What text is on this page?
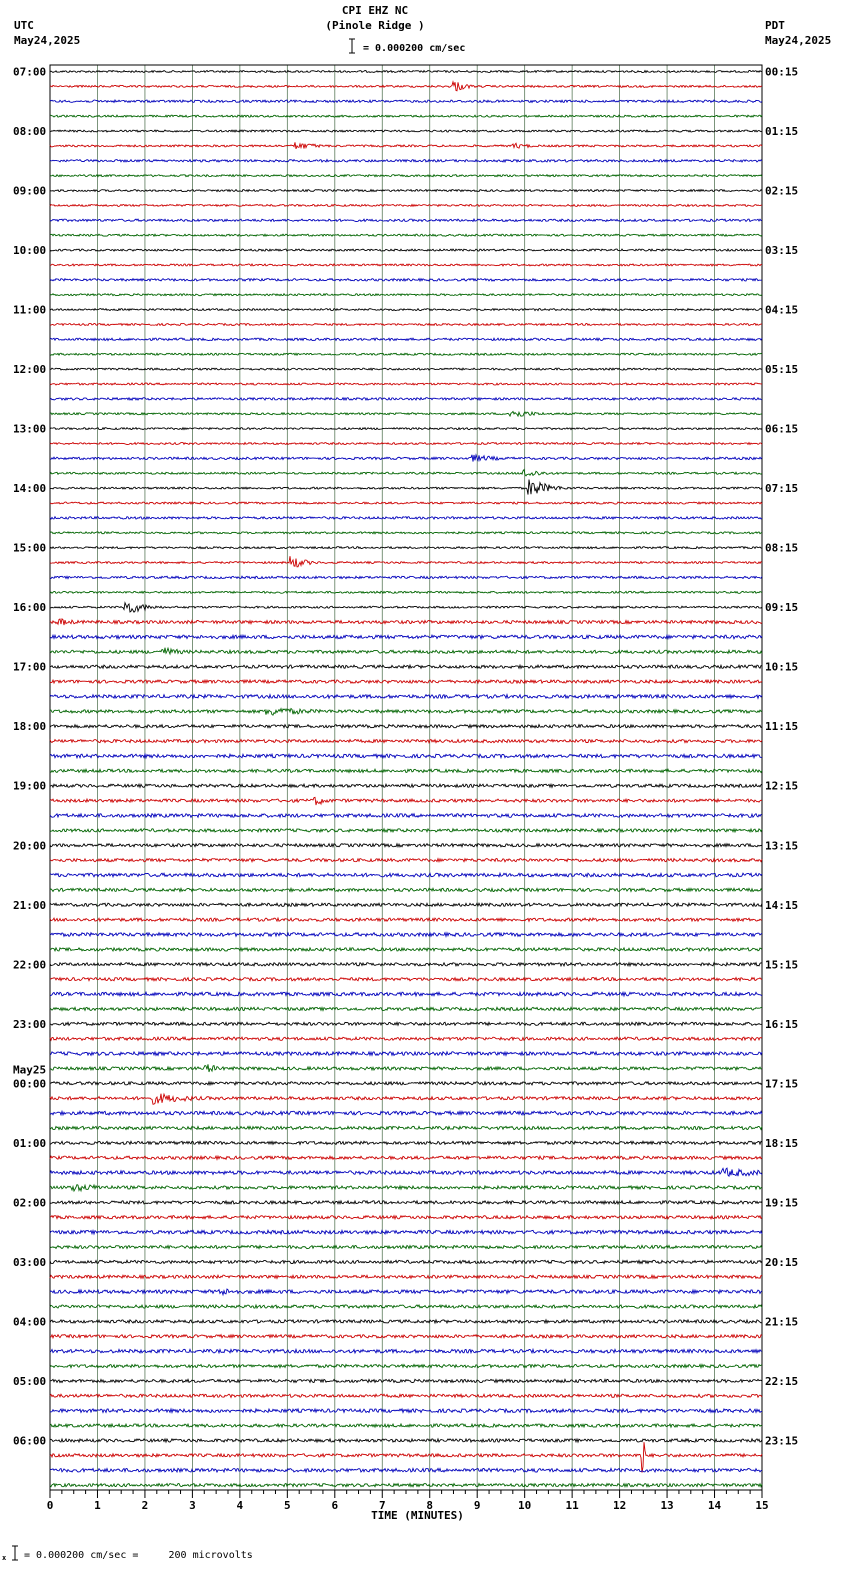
0	1	2	3	4	5	6	7	8	9	10	11	12	13	14	15
07:00
08:00
09:00
10:00
11:00
12:00
13:00
14:00
15:00
16:00
17:00
18:00
19:00
20:00
21:00
22:00
23:00
00:00
01:00
02:00
03:00
04:00
05:00
06:00
May25
00:15
01:15
02:15
03:15
04:15
05:15
06:15
07:15
08:15
09:15
10:15
11:15
12:15
13:15
14:15
15:15
16:15
17:15
18:15
19:15
20:15
21:15
22:15
23:15
CPI EHZ NC
(Pinole Ridge )
= 0.000200 cm/sec
UTC
May24,2025
PDT
May24,2025
TIME (MINUTES)
x = 0.000200 cm/sec =     200 microvolts
